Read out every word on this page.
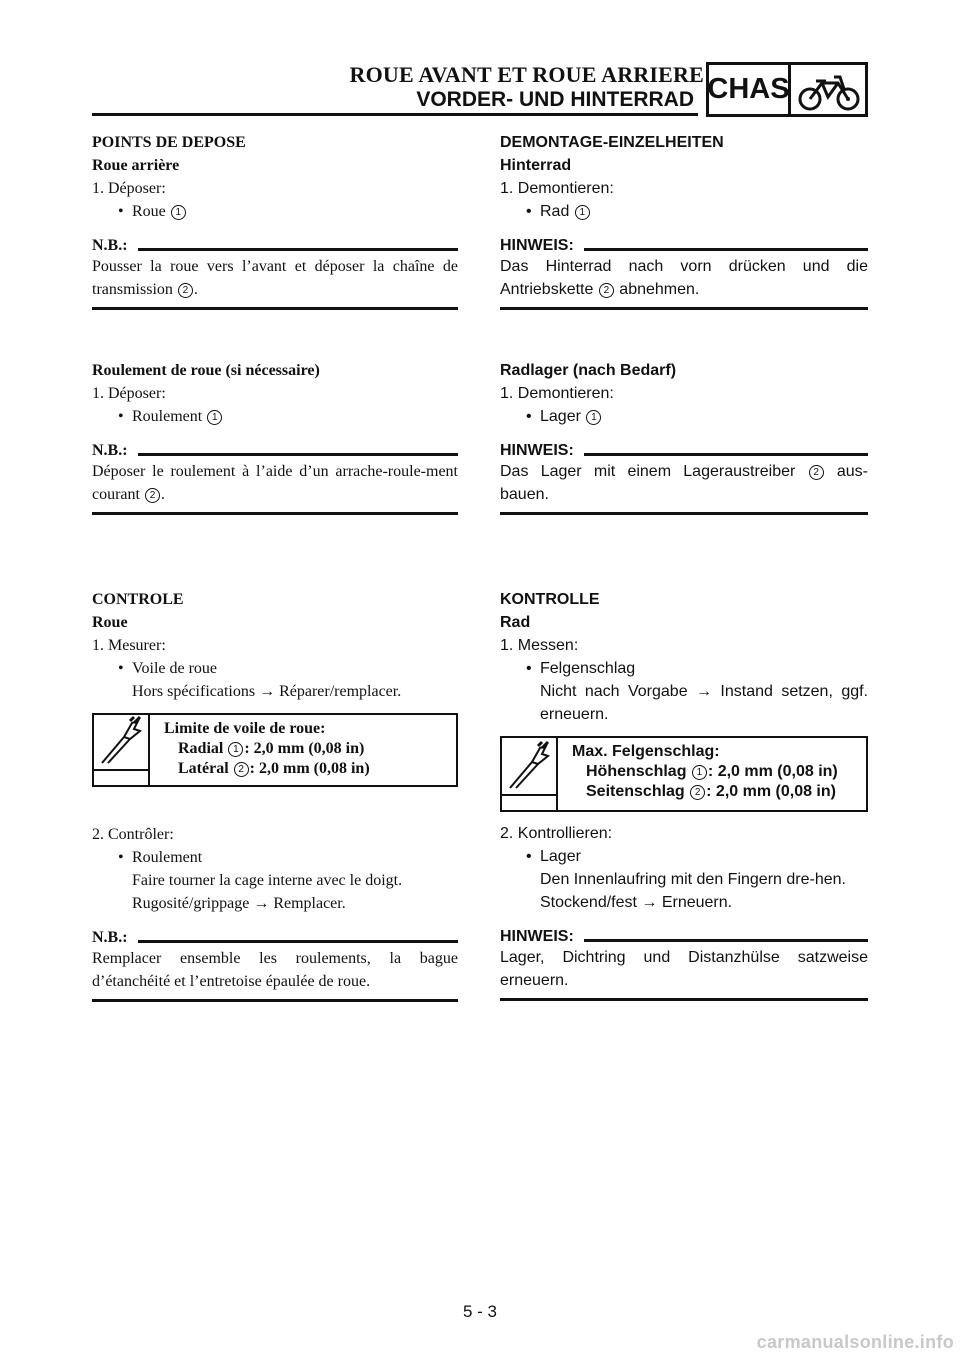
ROUE AVANT ET ROUE ARRIERE
VORDER- UND HINTERRAD CHAS
POINTS DE DEPOSE
Roue arrière
1. Déposer:
• Roue 1
N.B.:
Pousser la roue vers l’avant et déposer la chaîne de transmission 2 .
Roulement de roue (si nécessaire)
1. Déposer:
• Roulement 1
N.B.:
Déposer le roulement à l’aide d’un arrache-roule-ment courant 2 .
CONTROLE
Roue
1. Mesurer:
• Voile de roue
Hors spécifications → Réparer/remplacer.
Limite de voile de roue:
Radial 1 : 2,0 mm (0,08 in)
Latéral 2 : 2,0 mm (0,08 in)
2. Contrôler:
• Roulement
Faire tourner la cage interne avec le doigt.
Rugosité/grippage → Remplacer.
N.B.:
Remplacer ensemble les roulements, la bague d’étanchéité et l’entretoise épaulée de roue.
DEMONTAGE-EINZELHEITEN
Hinterrad
1. Demontieren:
• Rad 1
HINWEIS:
Das Hinterrad nach vorn drücken und die Antriebskette 2 abnehmen.
Radlager (nach Bedarf)
1. Demontieren:
• Lager 1
HINWEIS:
Das Lager mit einem Lageraustreiber 2 aus-bauen.
KONTROLLE
Rad
1. Messen:
• Felgenschlag
Nicht nach Vorgabe → Instand setzen, ggf. erneuern.
Max. Felgenschlag:
Höhenschlag 1 : 2,0 mm (0,08 in)
Seitenschlag 2 : 2,0 mm (0,08 in)
2. Kontrollieren:
• Lager
Den Innenlaufring mit den Fingern dre-hen.
Stockend/fest → Erneuern.
HINWEIS:
Lager, Dichtring und Distanzhülse satzweise erneuern.
5 - 3
carmanualsonline.info
